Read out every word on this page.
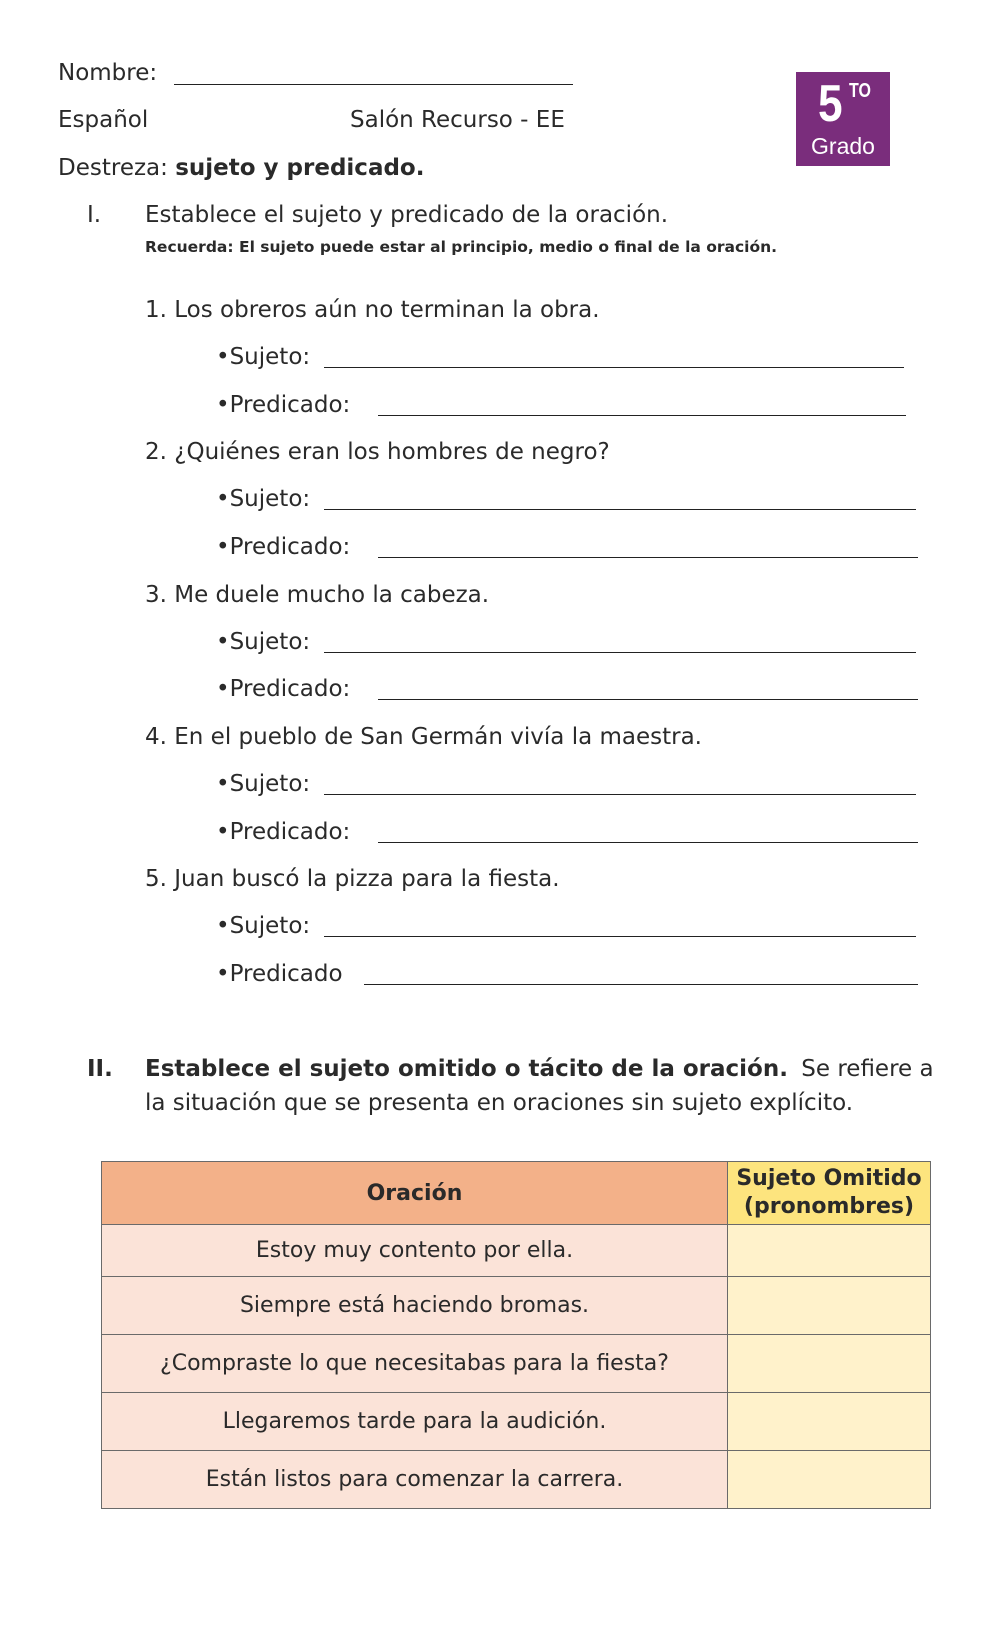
Nombre:
Español	Salón Recurso - EE
Destreza: sujeto y predicado.
5 TO
Grado
I. Establece el sujeto y predicado de la oración.
Recuerda: El sujeto puede estar al principio, medio o final de la oración.
1. Los obreros aún no terminan la obra.
•Sujeto:
•Predicado:
2. ¿Quiénes eran los hombres de negro?
•Sujeto:
•Predicado:
3. Me duele mucho la cabeza.
•Sujeto:
•Predicado:
4. En el pueblo de San Germán vivía la maestra.
•Sujeto:
•Predicado:
5. Juan buscó la pizza para la fiesta.
•Sujeto:
•Predicado
II. Establece el sujeto omitido o tácito de la oración. Se refiere a
la situación que se presenta en oraciones sin sujeto explícito.
Oración	Sujeto Omitido
(pronombres)

Estoy muy contento por ella.	
Siempre está haciendo bromas.	
¿Compraste lo que necesitabas para la fiesta?	
Llegaremos tarde para la audición.	
Están listos para comenzar la carrera.	
